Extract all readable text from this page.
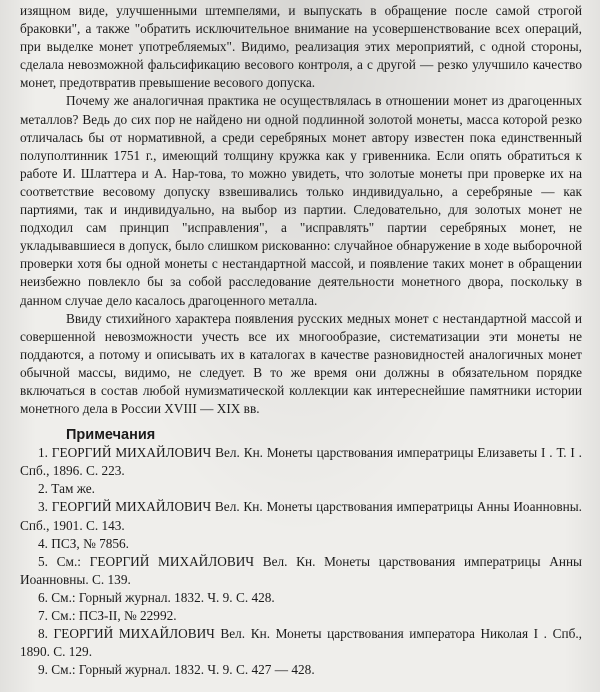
изящном виде, улучшенными штемпелями, и выпускать в обращение после самой строгой браковки", а также "обратить исключительное внимание на усовершенствование всех операций, при выделке монет употребляемых". Видимо, реализация этих мероприятий, с одной стороны, сделала невозможной фальсификацию весового контроля, а с другой — резко улучшило качество монет, предотвратив превышение весового допуска.

Почему же аналогичная практика не осуществлялась в отношении монет из драгоценных металлов? Ведь до сих пор не найдено ни одной подлинной золотой монеты, масса которой резко отличалась бы от нормативной, а среди серебряных монет автору известен пока единственный полуполтинник 1751 г., имеющий толщину кружка как у гривенника. Если опять обратиться к работе И. Шлаттера и А. Нар-това, то можно увидеть, что золотые монеты при проверке их на соответствие весовому допуску взвешивались только индивидуально, а серебряные — как партиями, так и индивидуально, на выбор из партии. Следовательно, для золотых монет не подходил сам принцип "исправления", а "исправлять" партии серебряных монет, не укладывавшиеся в допуск, было слишком рискованно: случайное обнаружение в ходе выборочной проверки хотя бы одной монеты с нестандартной массой, и появление таких монет в обращении неизбежно повлекло бы за собой расследование деятельности монетного двора, поскольку в данном случае дело касалось драгоценного металла.

Ввиду стихийного характера появления русских медных монет с нестандартной массой и совершенной невозможности учесть все их многообразие, систематизации эти монеты не поддаются, а потому и описывать их в каталогах в качестве разновидностей аналогичных монет обычной массы, видимо, не следует. В то же время они должны в обязательном порядке включаться в состав любой нумизматической коллекции как интереснейшие памятники истории монетного дела в России XVIII — XIX вв.

Примечания

1. ГЕОРГИЙ МИХАЙЛОВИЧ Вел. Кн. Монеты царствования императрицы Елизаветы I . Т. I . Спб., 1896. С. 223.

2. Там же.

3. ГЕОРГИЙ МИХАЙЛОВИЧ Вел. Кн. Монеты царствования императрицы Анны Иоанновны. Спб., 1901. С. 143.

4. ПСЗ, № 7856.

5. См.: ГЕОРГИЙ МИХАЙЛОВИЧ Вел. Кн. Монеты царствования императрицы Анны Иоанновны. С. 139.

6. См.: Горный журнал. 1832. Ч. 9. С. 428.

7. См.: ПСЗ-II, № 22992.

8. ГЕОРГИЙ МИХАЙЛОВИЧ Вел. Кн. Монеты царствования императора Николая I . Спб., 1890. С. 129.

9. См.: Горный журнал. 1832. Ч. 9. С. 427 — 428.
